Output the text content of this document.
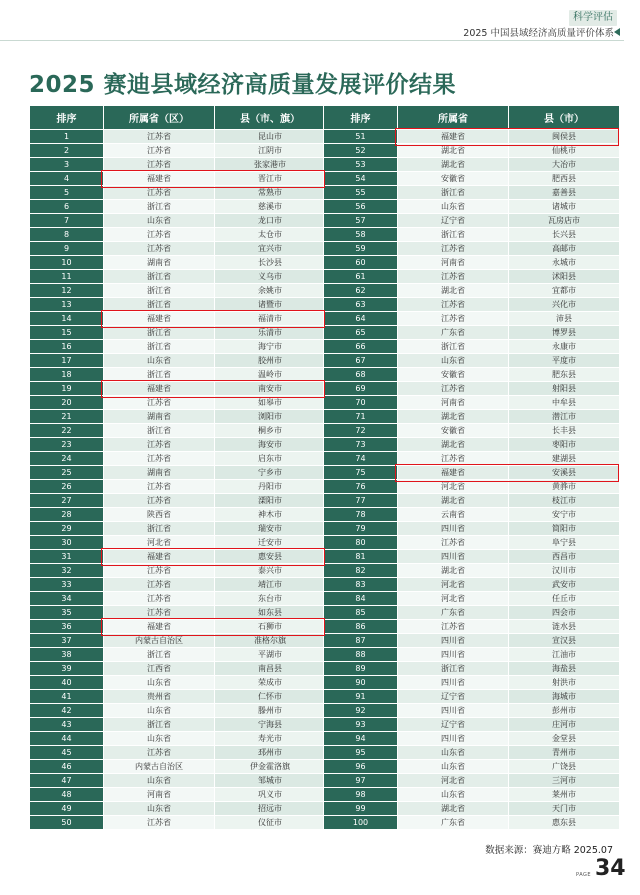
科学评估
2025 中国县域经济高质量评价体系
2025 赛迪县域经济高质量发展评价结果
排序	所属省（区）	县（市、旗）
1	江苏省	昆山市
2	江苏省	江阴市
3	江苏省	张家港市
4	福建省	晋江市
5	江苏省	常熟市
6	浙江省	慈溪市
7	山东省	龙口市
8	江苏省	太仓市
9	江苏省	宜兴市
10	湖南省	长沙县
11	浙江省	义乌市
12	浙江省	余姚市
13	浙江省	诸暨市
14	福建省	福清市
15	浙江省	乐清市
16	浙江省	海宁市
17	山东省	胶州市
18	浙江省	温岭市
19	福建省	南安市
20	江苏省	如皋市
21	湖南省	浏阳市
22	浙江省	桐乡市
23	江苏省	海安市
24	江苏省	启东市
25	湖南省	宁乡市
26	江苏省	丹阳市
27	江苏省	溧阳市
28	陕西省	神木市
29	浙江省	瑞安市
30	河北省	迁安市
31	福建省	惠安县
32	江苏省	泰兴市
33	江苏省	靖江市
34	江苏省	东台市
35	江苏省	如东县
36	福建省	石狮市
37	内蒙古自治区	准格尔旗
38	浙江省	平湖市
39	江西省	南昌县
40	山东省	荣成市
41	贵州省	仁怀市
42	山东省	滕州市
43	浙江省	宁海县
44	山东省	寿光市
45	江苏省	邳州市
46	内蒙古自治区	伊金霍洛旗
47	山东省	邹城市
48	河南省	巩义市
49	山东省	招远市
50	江苏省	仪征市
排序	所属省	县（市）
51	福建省	闽侯县
52	湖北省	仙桃市
53	湖北省	大冶市
54	安徽省	肥西县
55	浙江省	嘉善县
56	山东省	诸城市
57	辽宁省	瓦房店市
58	浙江省	长兴县
59	江苏省	高邮市
60	河南省	永城市
61	江苏省	沭阳县
62	湖北省	宜都市
63	江苏省	兴化市
64	江苏省	沛县
65	广东省	博罗县
66	浙江省	永康市
67	山东省	平度市
68	安徽省	肥东县
69	江苏省	射阳县
70	河南省	中牟县
71	湖北省	潜江市
72	安徽省	长丰县
73	湖北省	枣阳市
74	江苏省	建湖县
75	福建省	安溪县
76	河北省	黄骅市
77	湖北省	枝江市
78	云南省	安宁市
79	四川省	简阳市
80	江苏省	阜宁县
81	四川省	西昌市
82	湖北省	汉川市
83	河北省	武安市
84	河北省	任丘市
85	广东省	四会市
86	江苏省	涟水县
87	四川省	宣汉县
88	四川省	江油市
89	浙江省	海盐县
90	四川省	射洪市
91	辽宁省	海城市
92	四川省	彭州市
93	辽宁省	庄河市
94	四川省	金堂县
95	山东省	青州市
96	山东省	广饶县
97	河北省	三河市
98	山东省	莱州市
99	湖北省	天门市
100	广东省	惠东县
数据来源：赛迪方略 2025.07
PAGE 34
